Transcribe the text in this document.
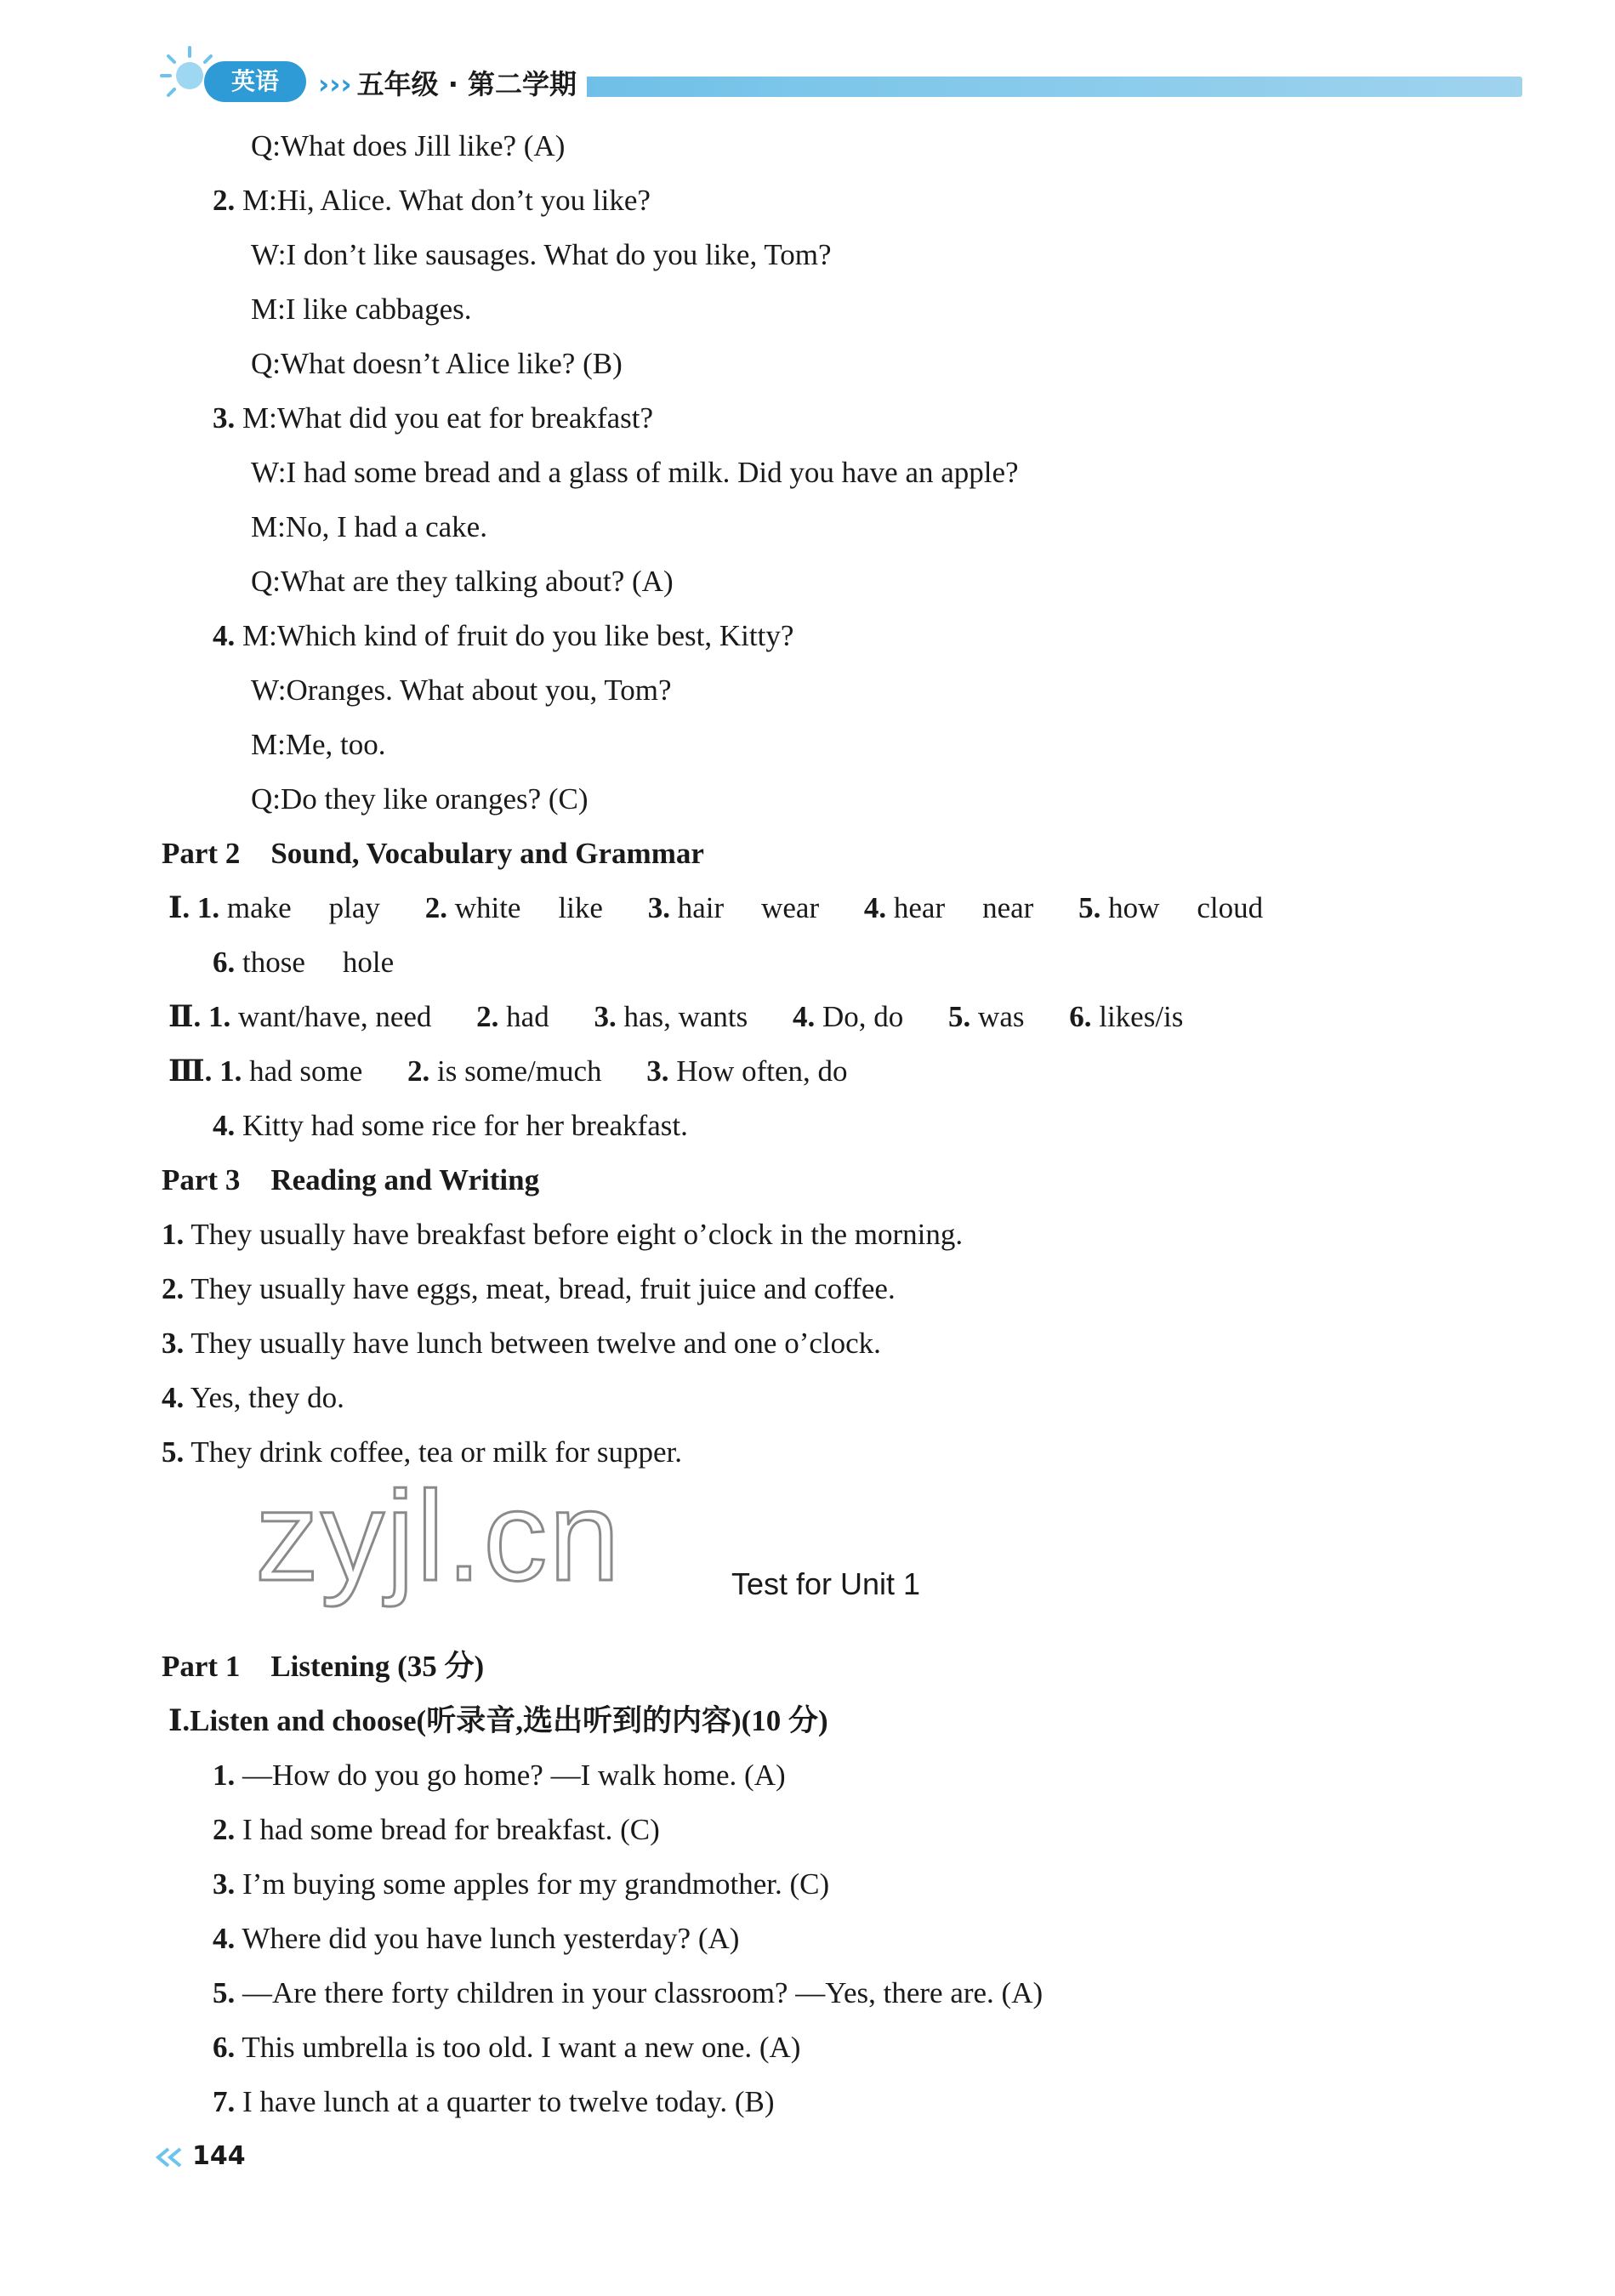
英语	››› 五年级 · 第二学期
Q:What does Jill like? (A)
2. M:Hi, Alice. What don’t you like?
W:I don’t like sausages. What do you like, Tom?
M:I like cabbages.
Q:What doesn’t Alice like? (B)
3. M:What did you eat for breakfast?
W:I had some bread and a glass of milk. Did you have an apple?
M:No, I had a cake.
Q:What are they talking about? (A)
4. M:Which kind of fruit do you like best, Kitty?
W:Oranges. What about you, Tom?
M:Me, too.
Q:Do they like oranges? (C)
Part 2 Sound, Vocabulary and Grammar
Ⅰ. 1. make play 2. white like 3. hair wear 4. hear near 5. how cloud
6. those hole
Ⅱ. 1. want/have, need 2. had 3. has, wants 4. Do, do 5. was 6. likes/is
Ⅲ. 1. had some 2. is some/much 3. How often, do
4. Kitty had some rice for her breakfast.
Part 3 Reading and Writing
1. They usually have breakfast before eight o’clock in the morning.
2. They usually have eggs, meat, bread, fruit juice and coffee.
3. They usually have lunch between twelve and one o’clock.
4. Yes, they do.
5. They drink coffee, tea or milk for supper.
zyjl.cn	Test for Unit 1
Part 1 Listening (35 分)
Ⅰ.Listen and choose(听录音,选出听到的内容)(10 分)
1. —How do you go home? —I walk home. (A)
2. I had some bread for breakfast. (C)
3. I’m buying some apples for my grandmother. (C)
4. Where did you have lunch yesterday? (A)
5. —Are there forty children in your classroom? —Yes, there are. (A)
6. This umbrella is too old. I want a new one. (A)
7. I have lunch at a quarter to twelve today. (B)
144
